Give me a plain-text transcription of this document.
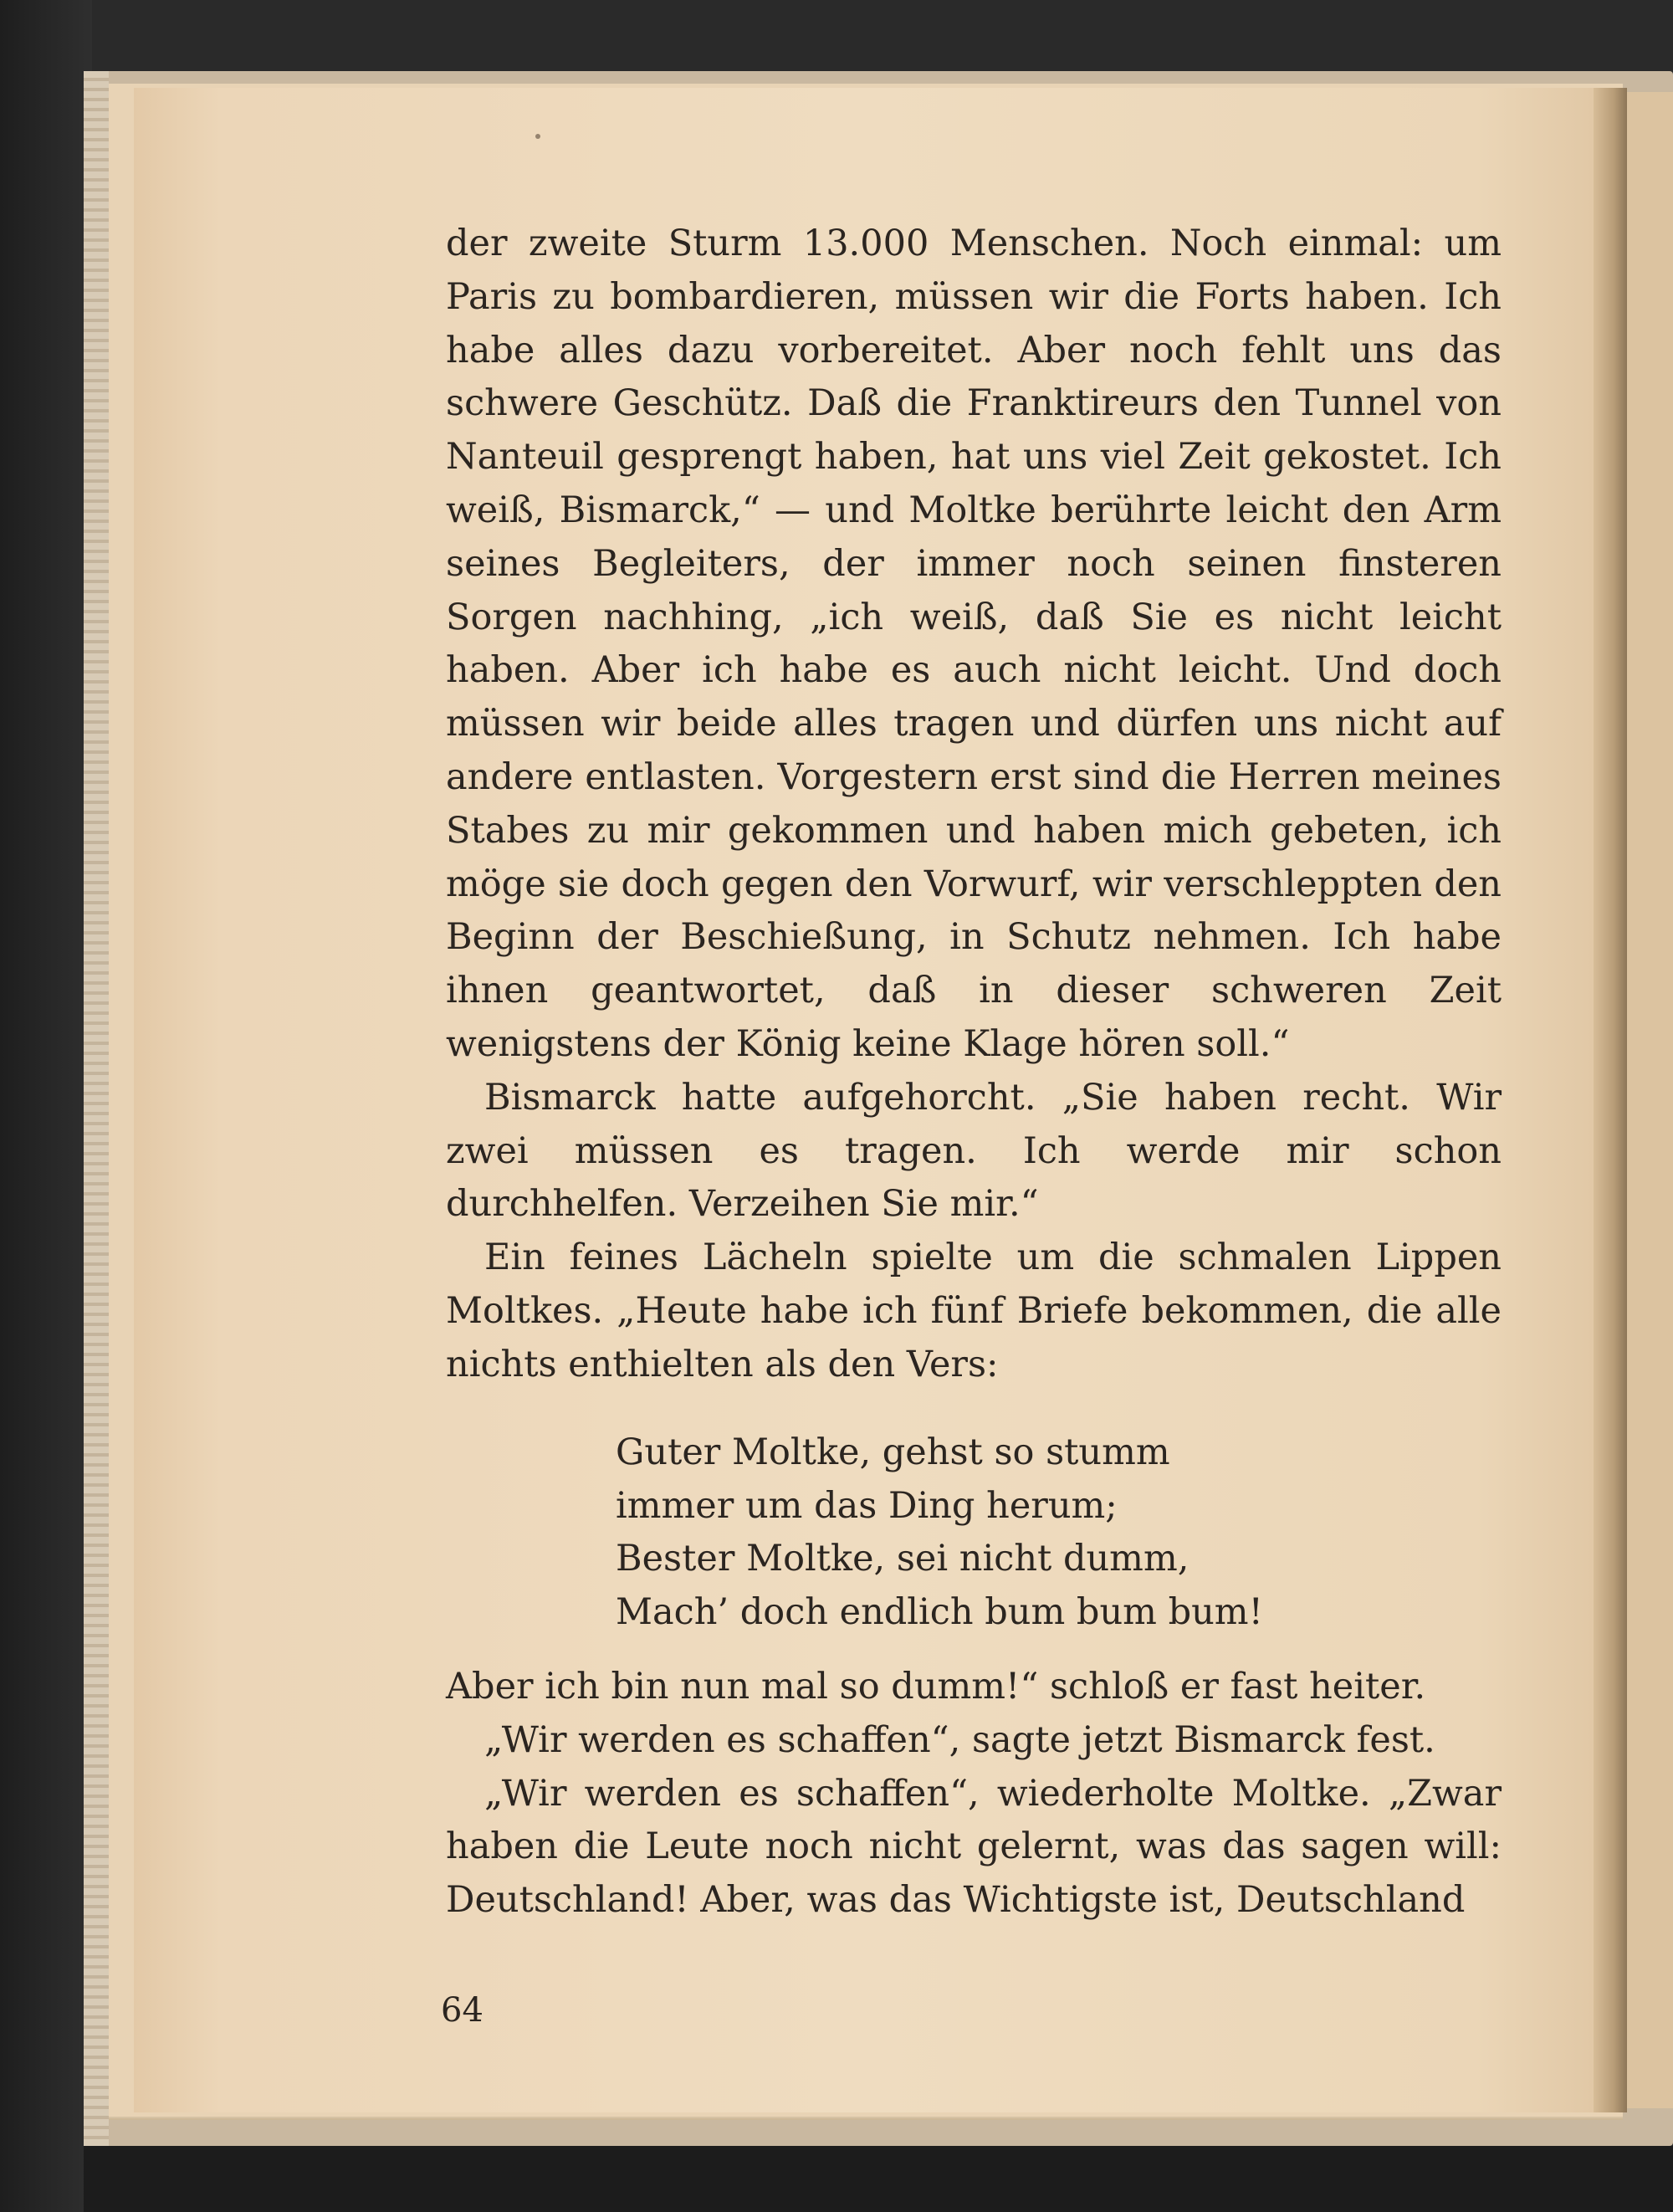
der zweite Sturm 13.000 Menschen. Noch einmal: um Paris zu bombardieren, müssen wir die Forts haben. Ich habe alles dazu vorbereitet. Aber noch fehlt uns das schwere Geschütz. Daß die Franktireurs den Tunnel von Nanteuil gesprengt haben, hat uns viel Zeit gekostet. Ich weiß, Bismarck,“ — und Moltke berührte leicht den Arm seines Begleiters, der immer noch seinen finsteren Sorgen nachhing, „ich weiß, daß Sie es nicht leicht haben. Aber ich habe es auch nicht leicht. Und doch müssen wir beide alles tragen und dürfen uns nicht auf andere entlasten. Vorgestern erst sind die Herren meines Stabes zu mir gekommen und haben mich gebeten, ich möge sie doch gegen den Vorwurf, wir verschleppten den Beginn der Beschießung, in Schutz nehmen. Ich habe ihnen geantwortet, daß in dieser schweren Zeit wenigstens der König keine Klage hören soll.“

Bismarck hatte aufgehorcht. „Sie haben recht. Wir zwei müssen es tragen. Ich werde mir schon durchhelfen. Verzeihen Sie mir.“

Ein feines Lächeln spielte um die schmalen Lippen Moltkes. „Heute habe ich fünf Briefe bekommen, die alle nichts enthielten als den Vers:

Guter Moltke, gehst so stumm
immer um das Ding herum;
Bester Moltke, sei nicht dumm,
Mach’ doch endlich bum bum bum!

Aber ich bin nun mal so dumm!“ schloß er fast heiter.

„Wir werden es schaffen“, sagte jetzt Bismarck fest.

„Wir werden es schaffen“, wiederholte Moltke. „Zwar haben die Leute noch nicht gelernt, was das sagen will: Deutschland! Aber, was das Wichtigste ist, Deutschland

64
